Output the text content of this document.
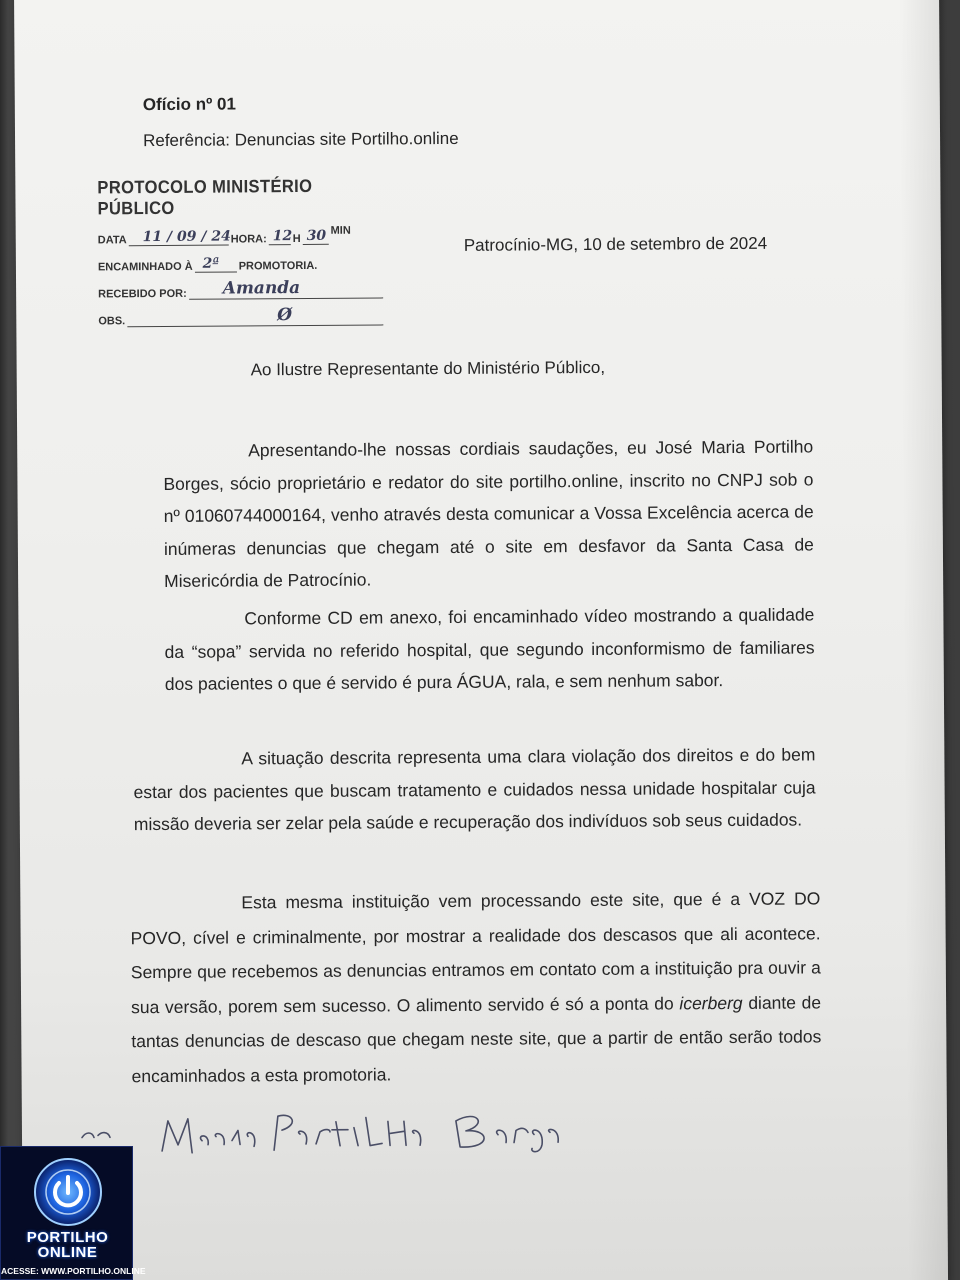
Ofício nº 01
Referência: Denuncias site Portilho.online
PROTOCOLO MINISTÉRIO PÚBLICO
DATA 11 / 09 / 24 HORA: 12 H 30 MIN
ENCAMINHADO À 2ª PROMOTORIA.
RECEBIDO POR: Amanda
OBS.	Ø
Patrocínio-MG, 10 de setembro de 2024
Ao Ilustre Representante do Ministério Público,
Apresentando-lhe nossas cordiais saudações, eu José Maria Portilho Borges, sócio proprietário e redator do site portilho.online, inscrito no CNPJ sob o nº 01060744000164, venho através desta comunicar a Vossa Excelência acerca de inúmeras denuncias que chegam até o site em desfavor da Santa Casa de Misericórdia de Patrocínio.
Conforme CD em anexo, foi encaminhado vídeo mostrando a qualidade da “sopa” servida no referido hospital, que segundo inconformismo de familiares dos pacientes o que é servido é pura ÁGUA, rala, e sem nenhum sabor.
A situação descrita representa uma clara violação dos direitos e do bem estar dos pacientes que buscam tratamento e cuidados nessa unidade hospitalar cuja missão deveria ser zelar pela saúde e recuperação dos indivíduos sob seus cuidados.
Esta mesma instituição vem processando este site, que é a VOZ DO POVO, cível e criminalmente, por mostrar a realidade dos descasos que ali acontece. Sempre que recebemos as denuncias entramos em contato com a instituição pra ouvir a sua versão, porem sem sucesso. O alimento servido é só a ponta do icerberg diante de tantas denuncias de descaso que chegam neste site, que a partir de então serão todos encaminhados a esta promotoria.
PORTILHO
ONLINE
ACESSE: WWW.PORTILHO.ONLINE
